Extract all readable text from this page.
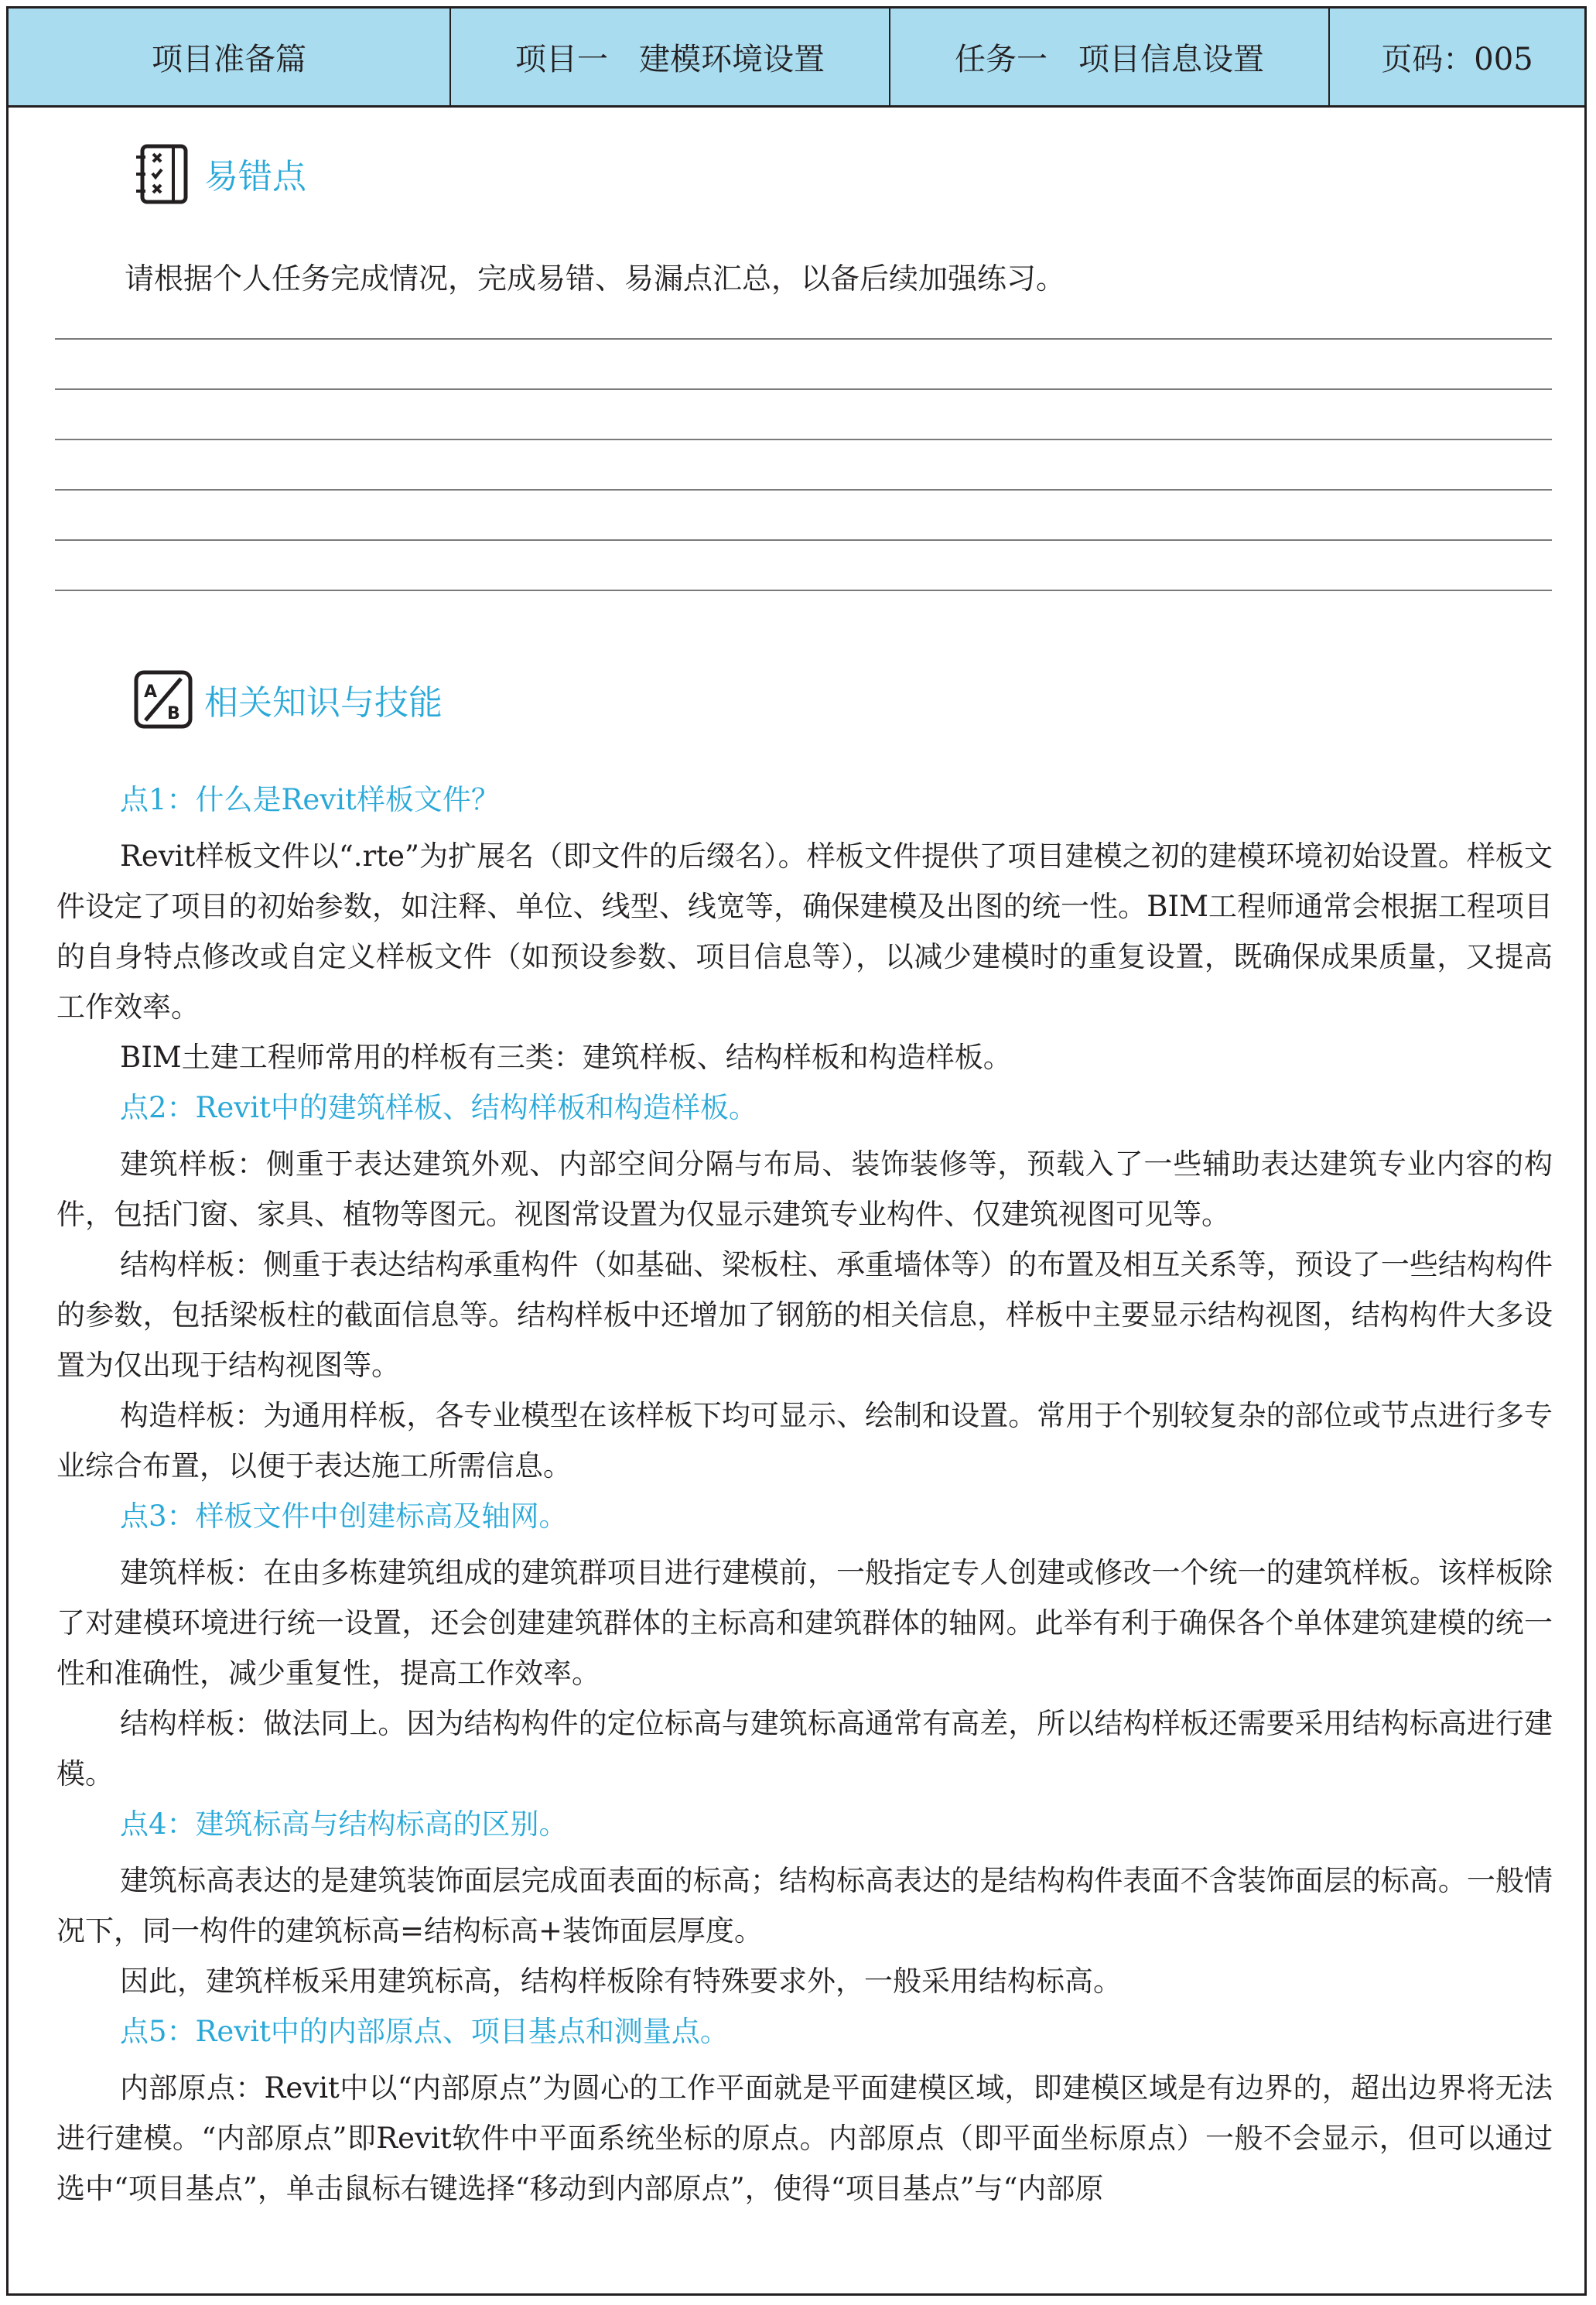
项目准备篇	项目一　建模环境设置	任务一　项目信息设置	页码：005
易错点
请根据个人任务完成情况，完成易错、易漏点汇总，以备后续加强练习。
A
B 相关知识与技能

点1：什么是Revit样板文件？

Revit样板文件以“.rte”为扩展名（即文件的后缀名）。样板文件提供了项目建模之初的建模环境初始设置。样板文件设定了项目的初始参数，如注释、单位、线型、线宽等，确保建模及出图的统一性。BIM工程师通常会根据工程项目的自身特点修改或自定义样板文件（如预设参数、项目信息等），以减少建模时的重复设置，既确保成果质量，又提高工作效率。

BIM土建工程师常用的样板有三类：建筑样板、结构样板和构造样板。

点2：Revit中的建筑样板、结构样板和构造样板。

建筑样板：侧重于表达建筑外观、内部空间分隔与布局、装饰装修等，预载入了一些辅助表达建筑专业内容的构件，包括门窗、家具、植物等图元。视图常设置为仅显示建筑专业构件、仅建筑视图可见等。

结构样板：侧重于表达结构承重构件（如基础、梁板柱、承重墙体等）的布置及相互关系等，预设了一些结构构件的参数，包括梁板柱的截面信息等。结构样板中还增加了钢筋的相关信息，样板中主要显示结构视图，结构构件大多设置为仅出现于结构视图等。

构造样板：为通用样板，各专业模型在该样板下均可显示、绘制和设置。常用于个别较复杂的部位或节点进行多专业综合布置，以便于表达施工所需信息。

点3：样板文件中创建标高及轴网。

建筑样板：在由多栋建筑组成的建筑群项目进行建模前，一般指定专人创建或修改一个统一的建筑样板。该样板除了对建模环境进行统一设置，还会创建建筑群体的主标高和建筑群体的轴网。此举有利于确保各个单体建筑建模的统一性和准确性，减少重复性，提高工作效率。

结构样板：做法同上。因为结构构件的定位标高与建筑标高通常有高差，所以结构样板还需要采用结构标高进行建模。

点4：建筑标高与结构标高的区别。

建筑标高表达的是建筑装饰面层完成面表面的标高；结构标高表达的是结构构件表面不含装饰面层的标高。一般情况下，同一构件的建筑标高=结构标高+装饰面层厚度。

因此，建筑样板采用建筑标高，结构样板除有特殊要求外，一般采用结构标高。

点5：Revit中的内部原点、项目基点和测量点。

内部原点：Revit中以“内部原点”为圆心的工作平面就是平面建模区域，即建模区域是有边界的，超出边界将无法进行建模。“内部原点”即Revit软件中平面系统坐标的原点。内部原点（即平面坐标原点）一般不会显示，但可以通过选中“项目基点”，单击鼠标右键选择“移动到内部原点”，使得“项目基点”与“内部原
